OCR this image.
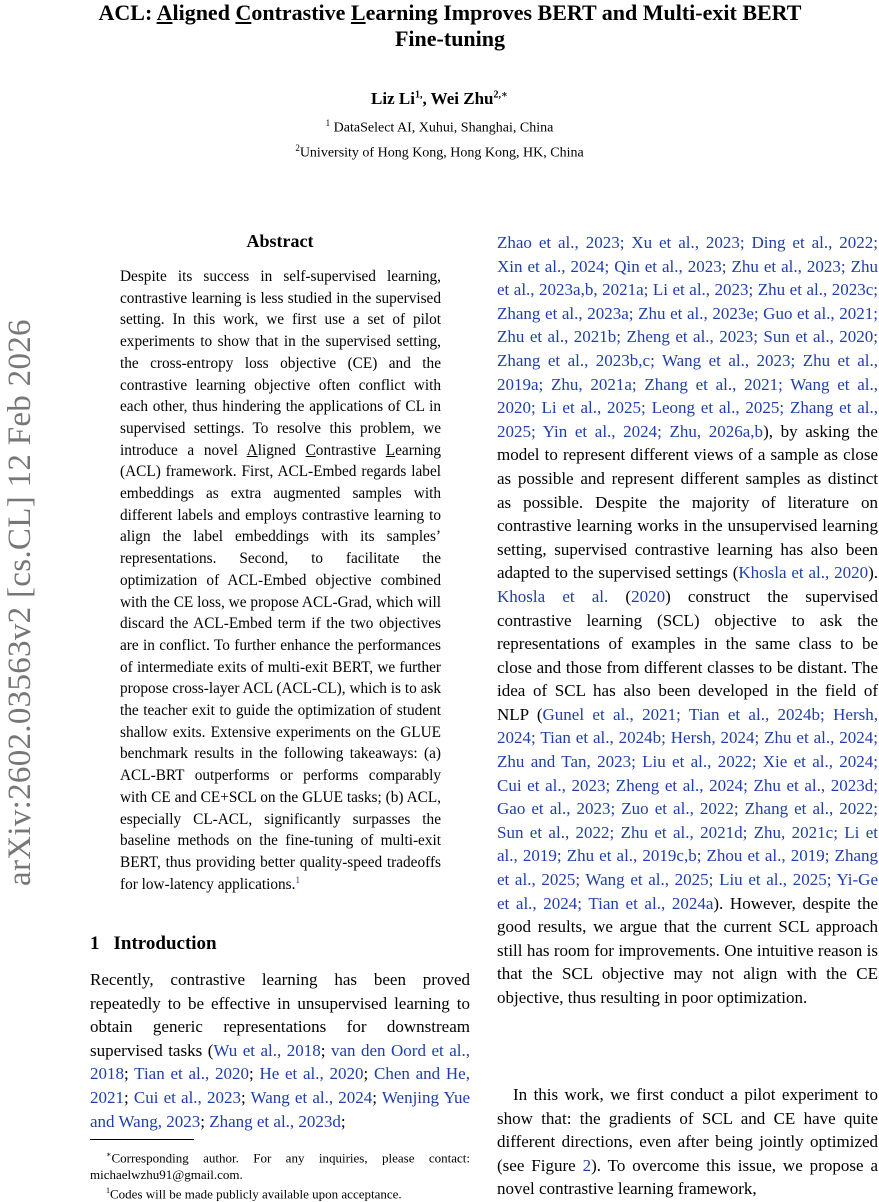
ACL: Aligned Contrastive Learning Improves BERT and Multi-exit BERT
Fine-tuning
Liz $Li^{1,}$, Wei Zhu$^{2,∗}$
$^1$ DataSelect AI, Xuhui, Shanghai, China
$^2$University of Hong Kong, Hong Kong, HK, China
arXiv:2602.03563v2 [cs.CL] 12 Feb 2026
Abstract
Despite its success in self-supervised learning, contrastive learning is less studied in the supervised setting. In this work, we first use a set of pilot experiments to show that in the supervised setting, the cross-entropy loss objective (CE) and the contrastive learning objective often conflict with each other, thus hindering the applications of CL in supervised settings. To resolve this problem, we introduce a novel Aligned Contrastive Learning (ACL) framework. First, ACL-Embed regards label embeddings as extra augmented samples with different labels and employs contrastive learning to align the label embeddings with its samples’ representations. Second, to facilitate the optimization of ACL-Embed objective combined with the CE loss, we propose ACL-Grad, which will discard the ACL-Embed term if the two objectives are in conflict. To further enhance the performances of intermediate exits of multi-exit BERT, we further propose cross-layer ACL (ACL-CL), which is to ask the teacher exit to guide the optimization of student shallow exits. Extensive experiments on the GLUE benchmark results in the following takeaways: (a) ACL-BRT outperforms or performs comparably with CE and CE+SCL on the GLUE tasks; (b) ACL, especially CL-ACL, significantly surpasses the baseline methods on the fine-tuning of multi-exit BERT, thus providing better quality-speed tradeoffs for low-latency applications.$^1$
1 Introduction
Recently, contrastive learning has been proved repeatedly to be effective in unsupervised learning to obtain generic representations for downstream supervised tasks (Wu et al., 2018; van den Oord et al., 2018; Tian et al., 2020; He et al., 2020; Chen and He, 2021; Cui et al., 2023; Wang et al., 2024; Wenjing Yue and Wang, 2023; Zhang et al., 2023d;
∗Corresponding author. For any inquiries, please contact: michaelwzhu91@gmail.com.
$^1$Codes will be made publicly available upon acceptance.
Zhao et al., 2023; Xu et al., 2023; Ding et al., 2022; Xin et al., 2024; Qin et al., 2023; Zhu et al., 2023; Zhu et al., 2023a,b, 2021a; Li et al., 2023; Zhu et al., 2023c; Zhang et al., 2023a; Zhu et al., 2023e; Guo et al., 2021; Zhu et al., 2021b; Zheng et al., 2023; Sun et al., 2020; Zhang et al., 2023b,c; Wang et al., 2023; Zhu et al., 2019a; Zhu, 2021a; Zhang et al., 2021; Wang et al., 2020; Li et al., 2025; Leong et al., 2025; Zhang et al., 2025; Yin et al., 2024; Zhu, 2026a,b), by asking the model to represent different views of a sample as close as possible and represent different samples as distinct as possible. Despite the majority of literature on contrastive learning works in the unsupervised learning setting, supervised contrastive learning has also been adapted to the supervised settings (Khosla et al., 2020). Khosla et al. (2020) construct the supervised contrastive learning (SCL) objective to ask the representations of examples in the same class to be close and those from different classes to be distant. The idea of SCL has also been developed in the field of NLP (Gunel et al., 2021; Tian et al., 2024b; Hersh, 2024; Tian et al., 2024b; Hersh, 2024; Zhu et al., 2024; Zhu and Tan, 2023; Liu et al., 2022; Xie et al., 2024; Cui et al., 2023; Zheng et al., 2024; Zhu et al., 2023d; Gao et al., 2023; Zuo et al., 2022; Zhang et al., 2022; Sun et al., 2022; Zhu et al., 2021d; Zhu, 2021c; Li et al., 2019; Zhu et al., 2019c,b; Zhou et al., 2019; Zhang et al., 2025; Wang et al., 2025; Liu et al., 2025; Yi-Ge et al., 2024; Tian et al., 2024a). However, despite the good results, we argue that the current SCL approach still has room for improvements. One intuitive reason is that the SCL objective may not align with the CE objective, thus resulting in poor optimization.
In this work, we first conduct a pilot experiment to show that: the gradients of SCL and CE have quite different directions, even after being jointly optimized (see Figure 2). To overcome this issue, we propose a novel contrastive learning framework,
